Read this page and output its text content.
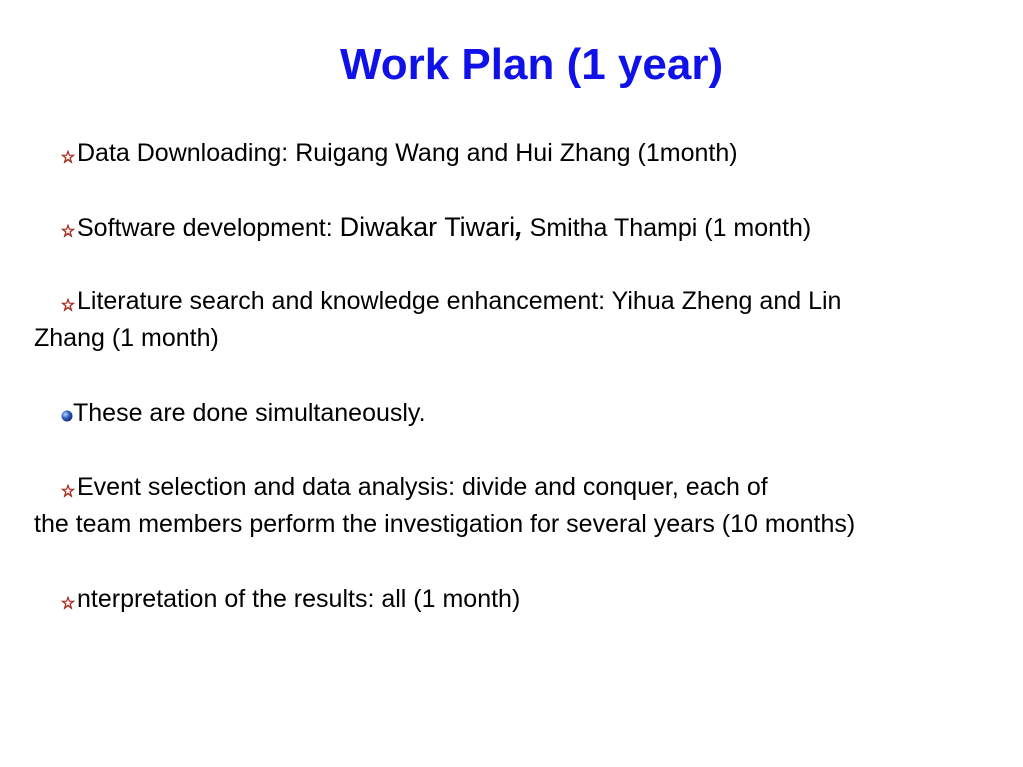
Work Plan (1 year)
Data Downloading: Ruigang Wang and Hui Zhang (1month)
Software development: Diwakar Tiwari, Smitha Thampi (1 month)
Literature search and knowledge enhancement: Yihua Zheng and Lin
Zhang (1 month)
These are done simultaneously.
Event selection and data analysis: divide and conquer, each of
the team members perform the investigation for several years (10 months)
nterpretation of the results: all (1 month)
